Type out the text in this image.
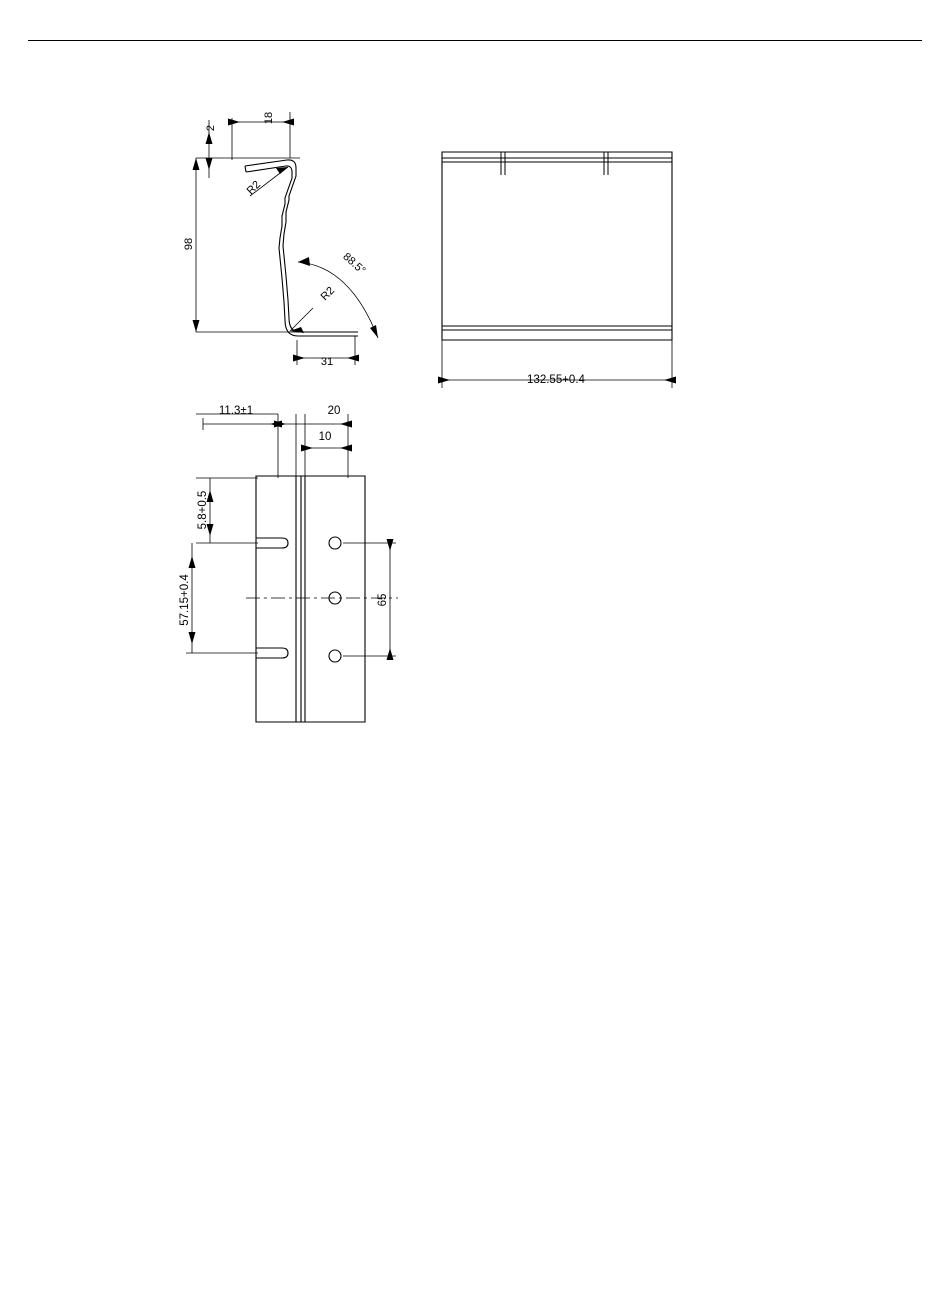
2
18
R2
98
88.5°
R2
31
132.55+0.4
11.3±1	20
10
5.8+0.5
57.15+0.4	65
